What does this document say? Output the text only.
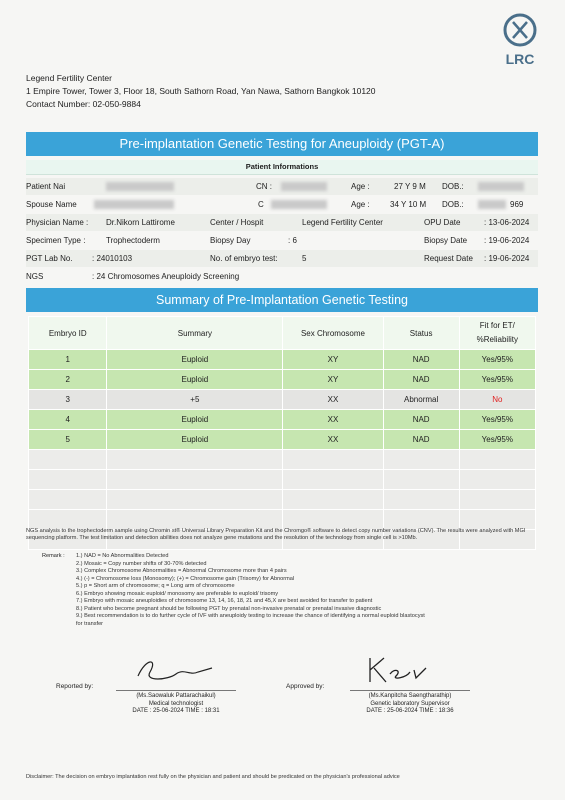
LRC
Legend Fertility Center
1 Empire Tower, Tower 3, Floor 18, South Sathorn Road, Yan Nawa, Sathorn Bangkok 10120
Contact Number: 02-050-9884
Pre-implantation Genetic Testing for Aneuploidy (PGT-A)
Patient Informations
Patient Nai	CN :	Age :	27 Y 9 M DOB.:
Spouse Name	C	Age :	34 Y 10 M DOB.:	969
Physician Name : Dr.Nikorn Lattirome	Center / Hospit	Legend Fertility Center	OPU Date	: 13-06-2024
Specimen Type :	Trophectoderm	Biopsy Day	: 6	Biopsy Date : 19-06-2024
PGT Lab No. : 24010103	No. of embryo test:	5	Request Date : 19-06-2024
NGS	: 24 Chromosomes Aneuploidy Screening
Summary of Pre-Implantation Genetic Testing
Embryo ID	Summary	Sex Chromosome	Status	Fit for ET/
%Reliability

1	Euploid	XY	NAD	Yes/95%
2	Euploid	XY	NAD	Yes/95%
3	+5	XX	Abnormal	No
4	Euploid	XX	NAD	Yes/95%
5	Euploid	XX	NAD	Yes/95%

NGS analysis to the trophectoderm sample using Chromin st® Universal Library Preparation Kit and the Chromgo® software to detect copy number variations (CNV). The results were analyzed with MGI sequencing platform. The test limitation and detection abilities does not analyze gene mutations and the resolution of the technology from single cell is >10Mb.
Remark : 1.) NAD = No Abnormalities Detected
2.) Mosaic = Copy number shifts of 30-70% detected
3.) Complex Chromosome Abnormalities = Abnormal Chromosome more than 4 pairs
4.) (-) = Chromosome loss (Monosomy); (+) = Chromosome gain (Trisomy) for Abnormal
5.) p = Short arm of chromosome; q = Long arm of chromosome
6.) Embryo showing mosaic euploid/ monosomy are preferable to euploid/ trisomy
7.) Embryo with mosaic aneuploidies of chromosome 13, 14, 16, 18, 21 and 45,X are best avoided for transfer to patient
8.) Patient who become pregnant should be following PGT by prenatal non-invasive prenatal or prenatal invasive diagnostic
9.) Best recommendation is to do further cycle of IVF with aneuploidy testing to increase the chance of identifying a normal euploid blastocyst
for transfer
Reported by:
(Ms.Saowaluk Pattarachaikul)
Medical technologist
DATE : 25-06-2024 TIME : 18:31
Approved by:
(Ms.Kanpitcha Saengtharathip)
Genetic laboratory Supervisor
DATE : 25-06-2024 TIME : 18:36
Disclaimer: The decision on embryo implantation rest fully on the physician and patient and should be predicated on the physician's professional advice
